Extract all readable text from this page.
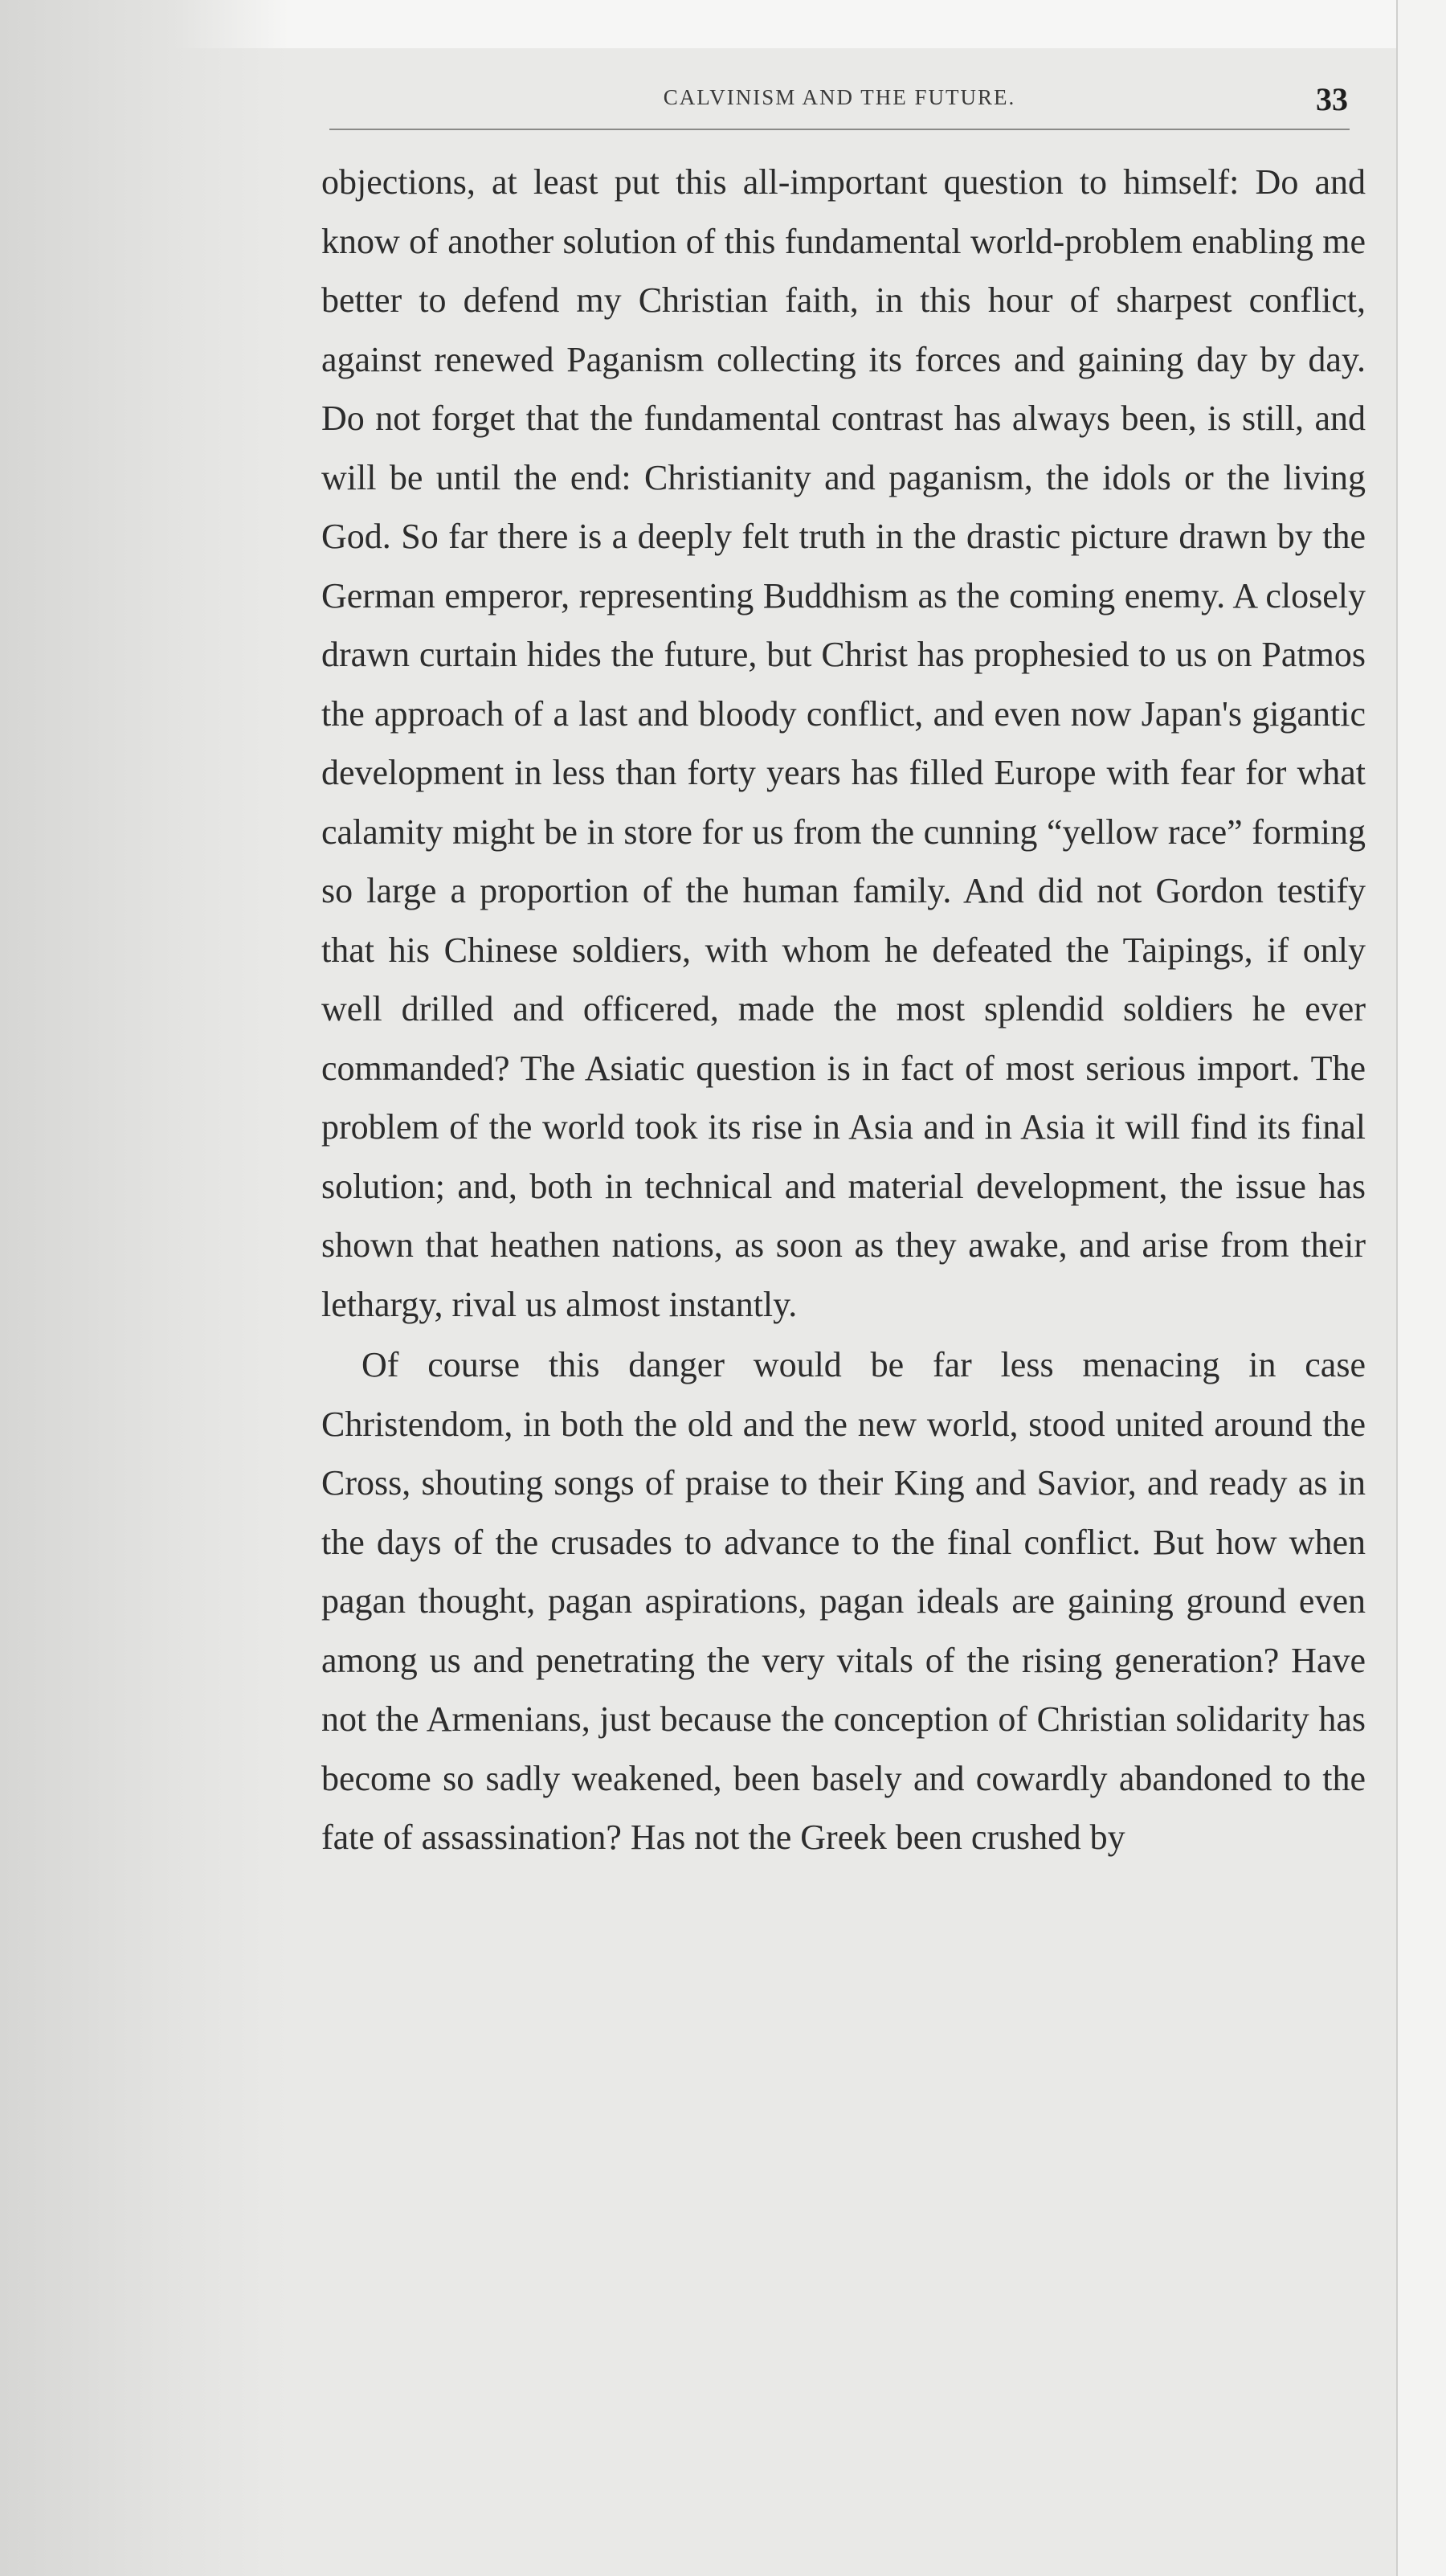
CALVINISM AND THE FUTURE.	33

objections, at least put this all-important question to himself: Do and know of another solution of this fundamental world-problem enabling me better to defend my Christian faith, in this hour of sharpest conflict, against renewed Paganism collecting its forces and gaining day by day. Do not forget that the fundamental contrast has always been, is still, and will be until the end: Christianity and paganism, the idols or the living God. So far there is a deeply felt truth in the drastic picture drawn by the German emperor, representing Buddhism as the coming enemy. A closely drawn curtain hides the future, but Christ has prophesied to us on Patmos the approach of a last and bloody conflict, and even now Japan's gigantic development in less than forty years has filled Europe with fear for what calamity might be in store for us from the cunning “yellow race” forming so large a proportion of the human family. And did not Gordon testify that his Chinese soldiers, with whom he defeated the Taipings, if only well drilled and officered, made the most splendid soldiers he ever commanded? The Asiatic question is in fact of most serious import. The problem of the world took its rise in Asia and in Asia it will find its final solution; and, both in technical and material development, the issue has shown that heathen nations, as soon as they awake, and arise from their lethargy, rival us almost instantly.

Of course this danger would be far less menacing in case Christendom, in both the old and the new world, stood united around the Cross, shouting songs of praise to their King and Savior, and ready as in the days of the crusades to advance to the final conflict. But how when pagan thought, pagan aspirations, pagan ideals are gaining ground even among us and penetrating the very vitals of the rising generation? Have not the Armenians, just because the conception of Christian solidarity has become so sadly weakened, been basely and cowardly abandoned to the fate of assassination? Has not the Greek been crushed by
